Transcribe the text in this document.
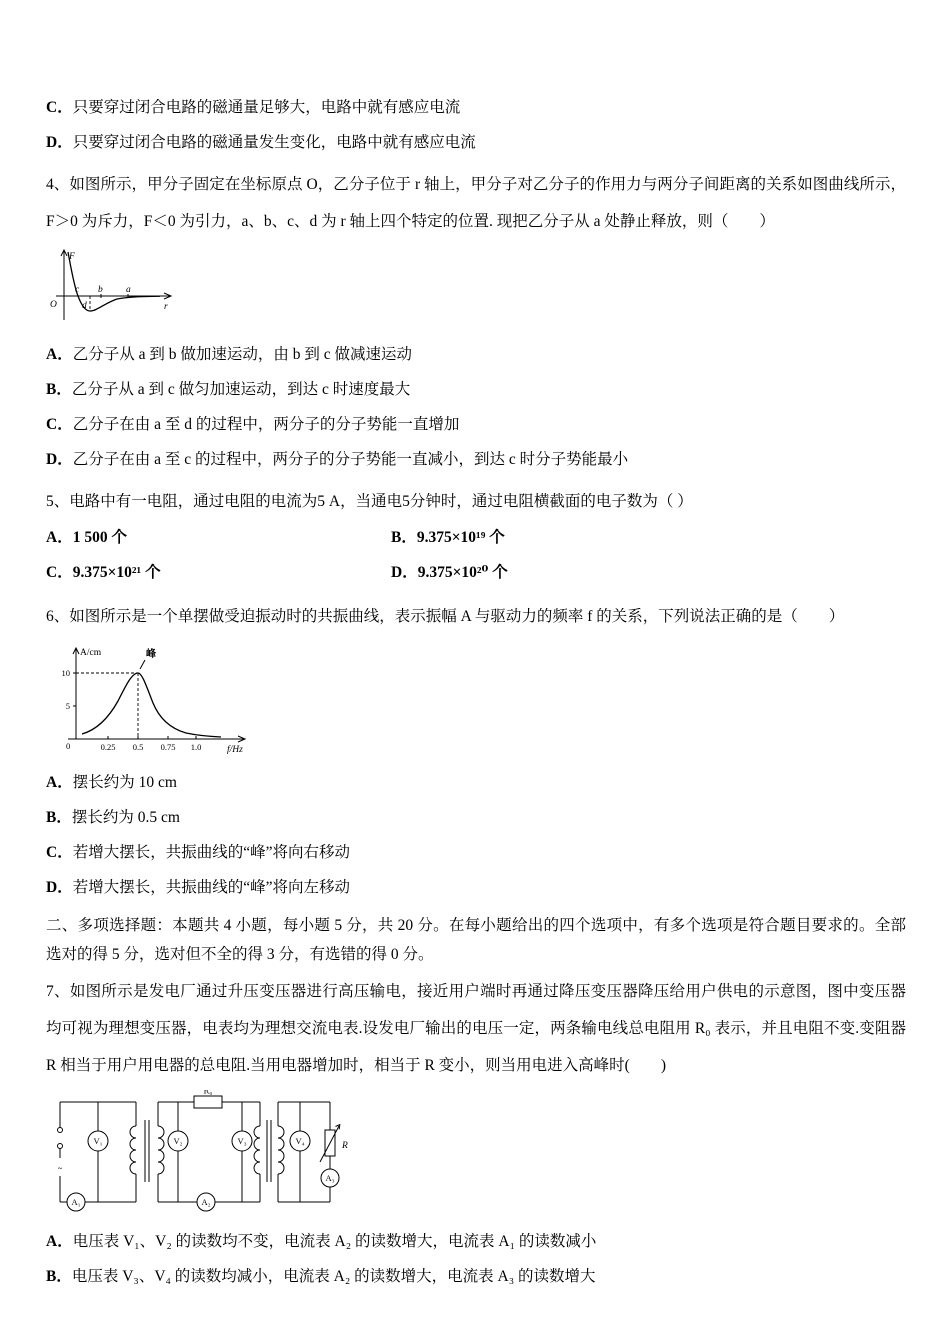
C．只要穿过闭合电路的磁通量足够大，电路中就有感应电流

D．只要穿过闭合电路的磁通量发生变化，电路中就有感应电流

4、如图所示，甲分子固定在坐标原点 O，乙分子位于 r 轴上，甲分子对乙分子的作用力与两分子间距离的关系如图曲线所示，F＞0 为斥力，F＜0 为引力，a、b、c、d 为 r 轴上四个特定的位置. 现把乙分子从 a 处静止释放，则（　　）

F
r
O
c b a
d

A．乙分子从 a 到 b 做加速运动，由 b 到 c 做减速运动

B．乙分子从 a 到 c 做匀加速运动，到达 c 时速度最大

C．乙分子在由 a 至 d 的过程中，两分子的分子势能一直增加

D．乙分子在由 a 至 c 的过程中，两分子的分子势能一直减小，到达 c 时分子势能最小

5、电路中有一电阻，通过电阻的电流为5 A，当通电5分钟时，通过电阻横截面的电子数为（ ）

A．1 500 个	B．9.375×10¹⁹ 个

C．9.375×10²¹ 个	D．9.375×10²⁰ 个

6、如图所示是一个单摆做受迫振动时的共振曲线，表示振幅 A 与驱动力的频率 f 的关系，下列说法正确的是（　　）

A/cm
f/Hz
0
10
5
0.25 0.5 0.75 1.0
峰

A．摆长约为 10 cm

B．摆长约为 0.5 cm

C．若增大摆长，共振曲线的“峰”将向右移动

D．若增大摆长，共振曲线的“峰”将向左移动

二、多项选择题：本题共 4 小题，每小题 5 分，共 20 分。在每小题给出的四个选项中，有多个选项是符合题目要求的。全部选对的得 5 分，选对但不全的得 3 分，有选错的得 0 分。

7、如图所示是发电厂通过升压变压器进行高压输电，接近用户端时再通过降压变压器降压给用户供电的示意图，图中变压器均可视为理想变压器，电表均为理想交流电表.设发电厂输出的电压一定，两条输电线总电阻用 R₀ 表示，并且电阻不变.变阻器 R 相当于用户用电器的总电阻.当用电器增加时，相当于 R 变小，则当用电进入高峰时(　　)

~
A₁
V₁
R₀
A₂
V₂	V₃	V₄	R
A₃

A．电压表 V₁、V₂ 的读数均不变，电流表 A₂ 的读数增大，电流表 A₁ 的读数减小

B．电压表 V₃、V₄ 的读数均减小，电流表 A₂ 的读数增大，电流表 A₃ 的读数增大
